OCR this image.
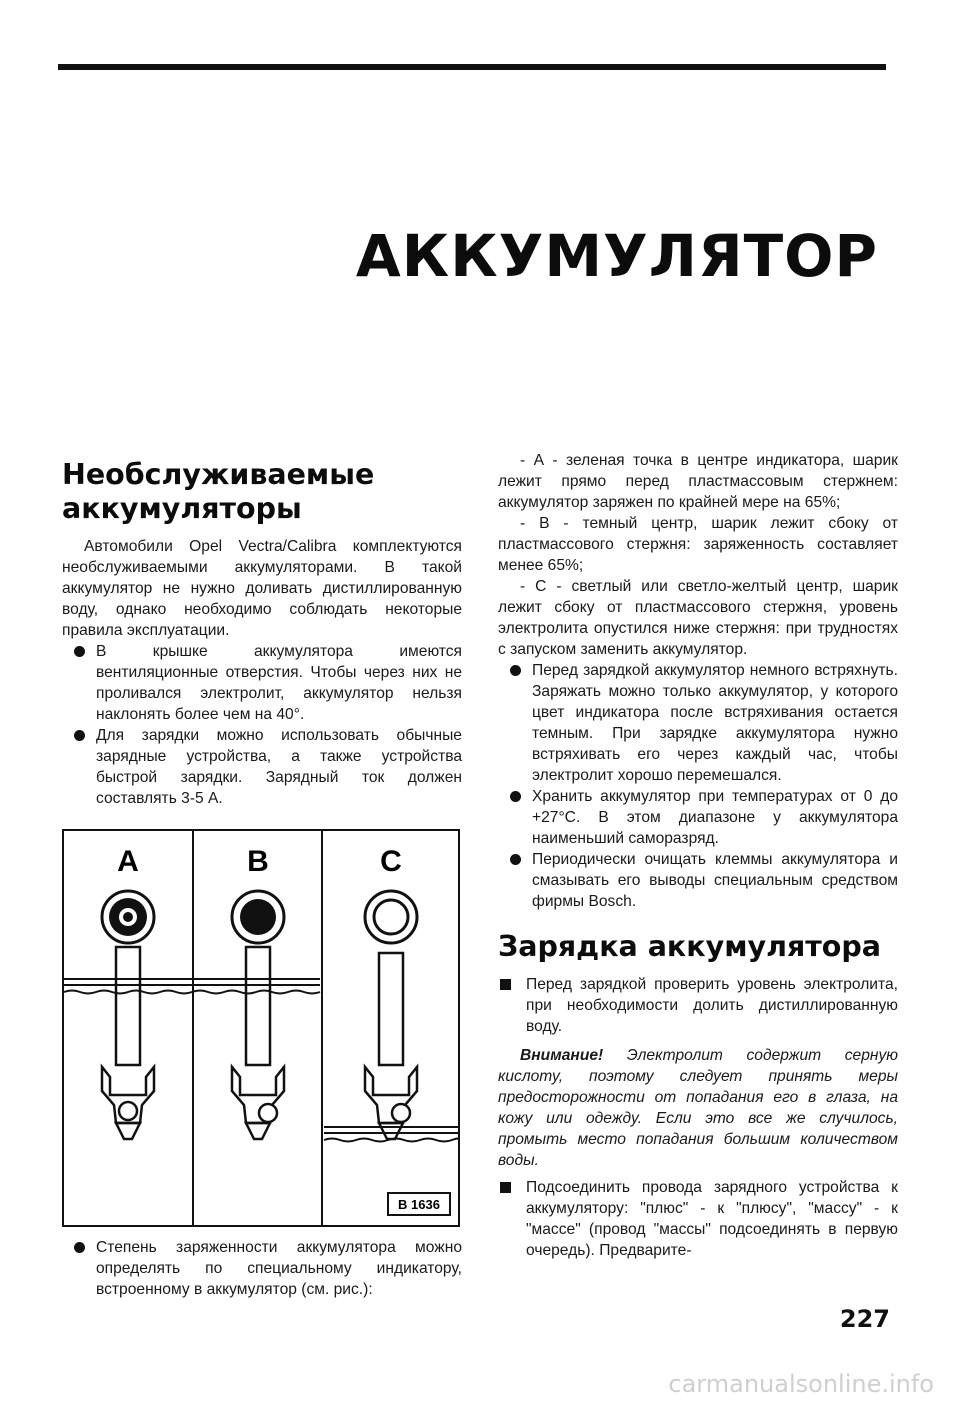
АККУМУЛЯТОР
Необслуживаемые аккумуляторы

Автомобили Opel Vectra/Calibra комплектуются необслуживаемыми аккумуляторами. В такой аккумулятор не нужно доливать дистиллированную воду, однако необходимо соблюдать некоторые правила эксплуатации.

В крышке аккумулятора имеются вентиляционные отверстия. Чтобы через них не проливался электролит, аккумулятор нельзя наклонять более чем на 40°.
Для зарядки можно использовать обычные зарядные устройства, а также устройства быстрой зарядки. Зарядный ток должен составлять 3-5 А.
A	B	C
B 1636
Степень заряженности аккумулятора можно определять по специальному индикатору, встроенному в аккумулятор (см. рис.):

- А - зеленая точка в центре индикатора, шарик лежит прямо перед пластмассовым стержнем: аккумулятор заряжен по крайней мере на 65%;

- В - темный центр, шарик лежит сбоку от пластмассового стержня: заряженность составляет менее 65%;

- С - светлый или светло-желтый центр, шарик лежит сбоку от пластмассового стержня, уровень электролита опустился ниже стержня: при трудностях с запуском заменить аккумулятор.

Перед зарядкой аккумулятор немного встряхнуть. Заряжать можно только аккумулятор, у которого цвет индикатора после встряхивания остается темным. При зарядке аккумулятора нужно встряхивать его через каждый час, чтобы электролит хорошо перемешался.
Хранить аккумулятор при температурах от 0 до +27°С. В этом диапазоне у аккумулятора наименьший саморазряд.
Периодически очищать клеммы аккумулятора и смазывать его выводы специальным средством фирмы Bosch.
Зарядка аккумулятора
Перед зарядкой проверить уровень электролита, при необходимости долить дистиллированную воду.

Внимание! Электролит содержит серную кислоту, поэтому следует принять меры предосторожности от попадания его в глаза, на кожу или одежду. Если это все же случилось, промыть место попадания большим количеством воды.

Подсоединить провода зарядного устройства к аккумулятору: "плюс" - к "плюсу", "массу" - к "массе" (провод "массы" подсоединять в первую очередь). Предварите-
227
carmanualsonline.info
